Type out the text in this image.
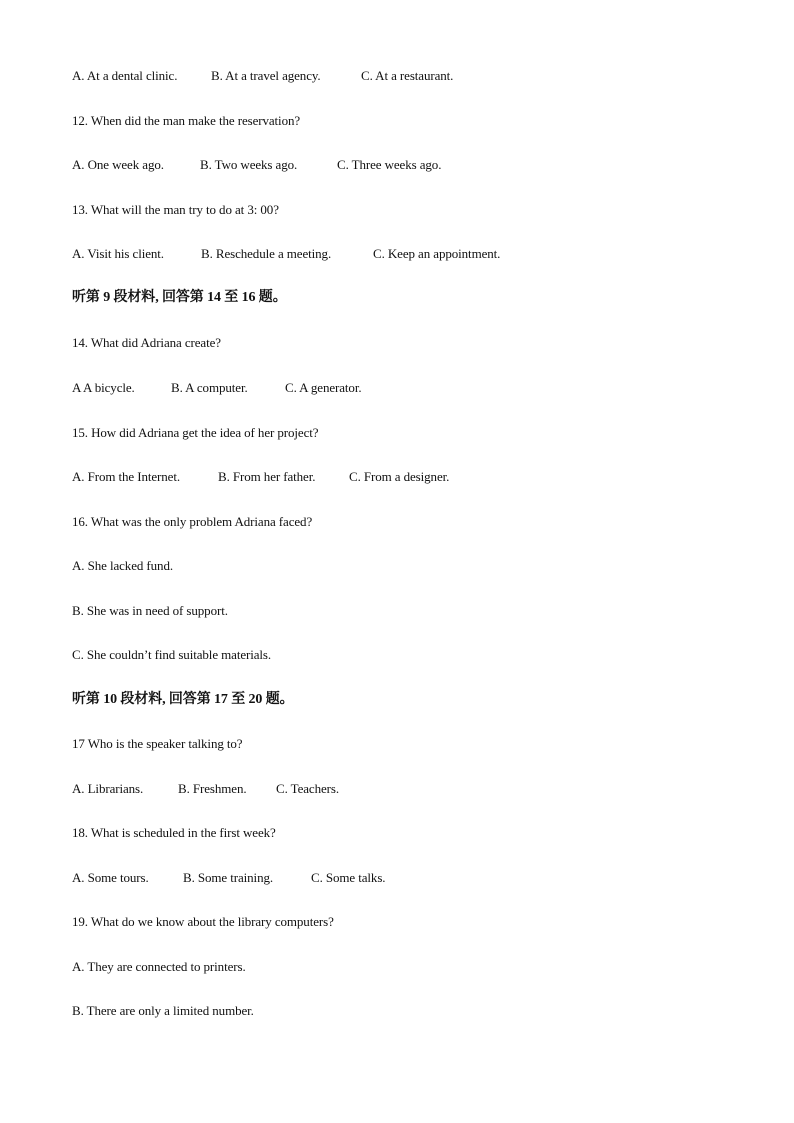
A. At a dental clinic.	B. At a travel agency.	C. At a restaurant.
12. When did the man make the reservation?
A. One week ago.	B. Two weeks ago.	C. Three weeks ago.
13. What will the man try to do at 3: 00?
A. Visit his client.	B. Reschedule a meeting.	C. Keep an appointment.
听第 9 段材料, 回答第 14 至 16 题。
14. What did Adriana create?
A A bicycle.	B. A computer.	C. A generator.
15. How did Adriana get the idea of her project?
A. From the Internet.	B. From her father.	C. From a designer.
16. What was the only problem Adriana faced?
A. She lacked fund.
B. She was in need of support.
C. She couldn’t find suitable materials.
听第 10 段材料, 回答第 17 至 20 题。
17 Who is the speaker talking to?
A. Librarians.	B. Freshmen. C. Teachers.
18. What is scheduled in the first week?
A. Some tours.	B. Some training.	C. Some talks.
19. What do we know about the library computers?
A. They are connected to printers.
B. There are only a limited number.
